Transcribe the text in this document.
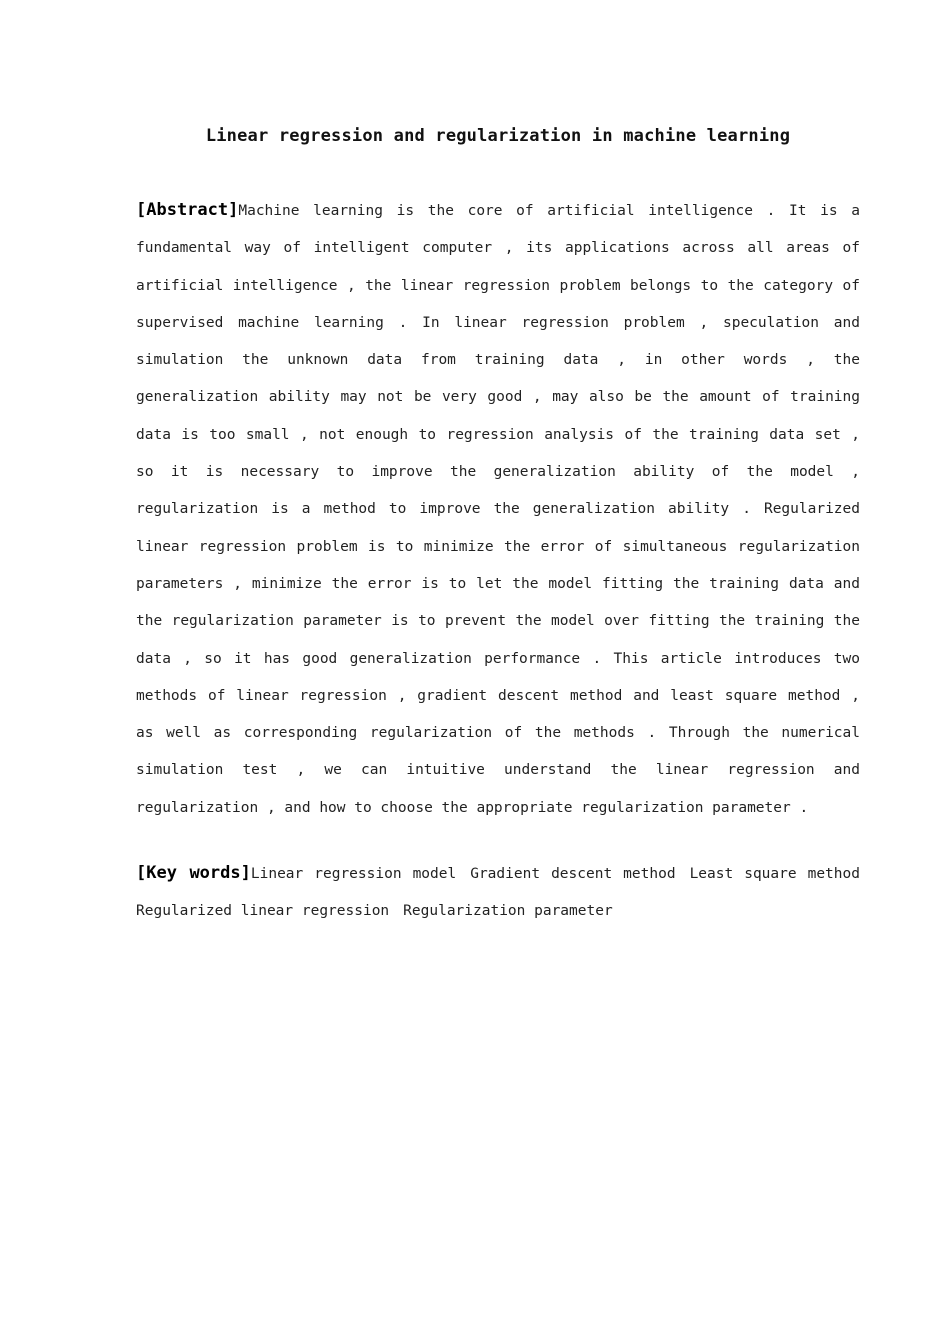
Linear regression and regularization in machine learning

[Abstract]Machine learning is the core of artificial intelligence . It is a fundamental way of intelligent computer , its applications across all areas of artificial intelligence , the linear regression problem belongs to the category of supervised machine learning . In linear regression problem , speculation and simulation the unknown data from training data , in other words , the generalization ability may not be very good , may also be the amount of training data is too small , not enough to regression analysis of the training data set , so it is necessary to improve the generalization ability of the model , regularization is a method to improve the generalization ability . Regularized linear regression problem is to minimize the error of simultaneous regularization parameters , minimize the error is to let the model fitting the training data and the regularization parameter is to prevent the model over fitting the training the data , so it has good generalization performance . This article introduces two methods of linear regression , gradient descent method and least square method , as well as corresponding regularization of the methods . Through the numerical simulation test , we can intuitive understand the linear regression and regularization , and how to choose the appropriate regularization parameter .

[Key words]Linear regression model Gradient descent method Least square method Regularized linear regression Regularization parameter
